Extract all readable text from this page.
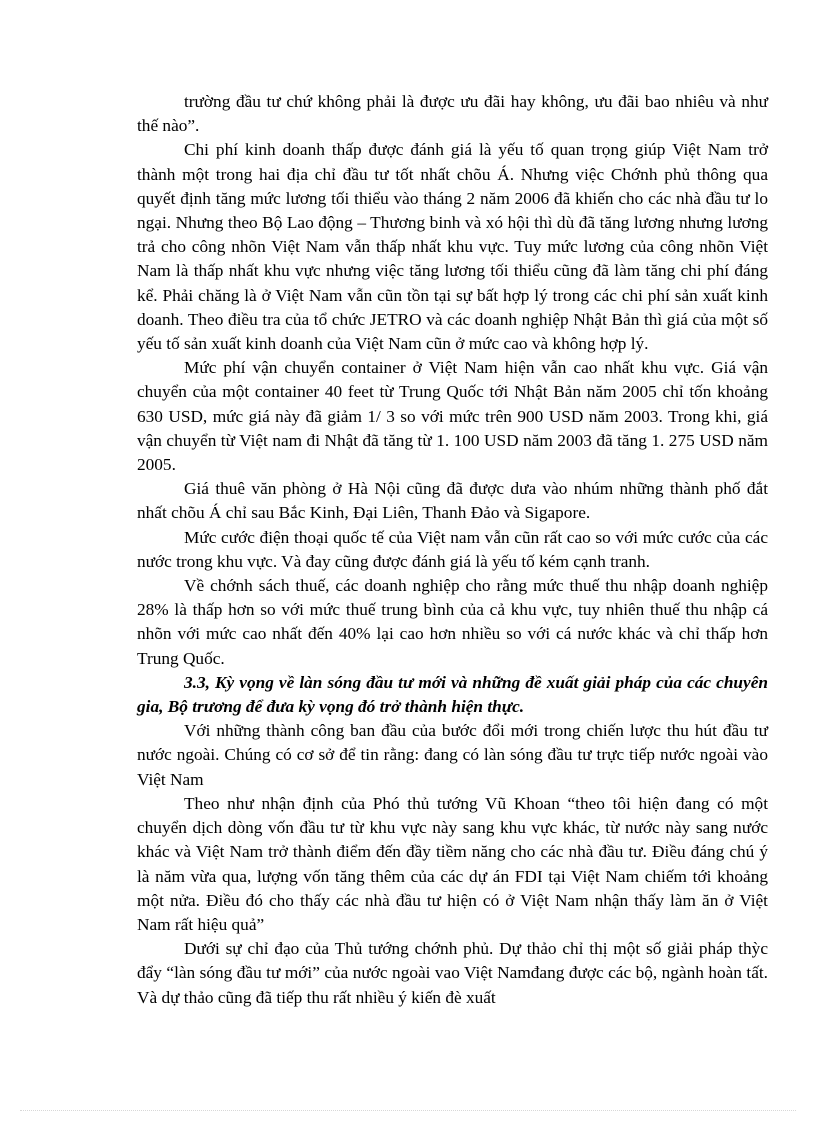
trường đầu tư chứ không phải là được ưu đãi hay không, ưu đãi bao nhiêu và như thế nào”.

Chi phí kinh doanh thấp được đánh giá là yếu tố quan trọng giúp Việt Nam trở thành một trong hai địa chỉ đầu tư tốt nhất chõu Á. Nhưng việc Chớnh phủ thông qua quyết định tăng mức lương tối thiểu vào tháng 2 năm 2006 đã khiến cho các nhà đầu tư lo ngại. Nhưng theo Bộ Lao động – Thương binh và xó hội thì dù đã tăng lương nhưng lương trả cho công nhõn Việt Nam vẫn thấp nhất khu vực. Tuy mức lương của công nhõn Việt Nam là thấp nhất khu vực nhưng việc tăng lương tối thiểu cũng đã làm tăng chi phí đáng kể. Phải chăng là ở Việt Nam vẫn cũn tồn tại sự bất hợp lý trong các chi phí sản xuất kinh doanh. Theo điều tra của tổ chức JETRO và các doanh nghiệp Nhật Bản thì giá của một số yếu tố sản xuất kinh doanh của Việt Nam cũn ở mức cao và không hợp lý.

Mức phí vận chuyển container ở Việt Nam hiện vẫn cao nhất khu vực. Giá vận chuyển của một container 40 feet từ Trung Quốc tới Nhật Bản năm 2005 chỉ tốn khoảng 630 USD, mức giá này đã giảm 1/ 3 so với mức trên 900 USD năm 2003. Trong khi, giá vận chuyển từ Việt nam đi Nhật đã tăng từ 1. 100 USD năm 2003 đã tăng 1. 275 USD năm 2005.

Giá thuê văn phòng ở Hà Nội cũng đã được dưa vào nhúm những thành phố đắt nhất chõu Á chỉ sau Bắc Kinh, Đại Liên, Thanh Đảo và Sigapore.

Mức cước điện thoại quốc tế của Việt nam vẫn cũn rất cao so với mức cước của các nước trong khu vực. Và đay cũng được đánh giá là yếu tố kém cạnh tranh.

Về chớnh sách thuế, các doanh nghiệp cho rằng mức thuế thu nhập doanh nghiệp 28% là thấp hơn so với mức thuế trung bình của cả khu vực, tuy nhiên thuế thu nhập cá nhõn với mức cao nhất đến 40% lại cao hơn nhiều so với cá nước khác và chỉ thấp hơn Trung Quốc.

3.3, Kỳ vọng về làn sóng đầu tư mới và những đề xuất giải pháp của các chuyên gia, Bộ trương để đưa kỳ vọng đó trở thành hiện thực.

Với những thành công ban đầu của bước đổi mới trong chiến lược thu hút đầu tư nước ngoài. Chúng có cơ sở để tin rằng: đang có làn sóng đầu tư trực tiếp nước ngoài vào Việt Nam

Theo như nhận định của Phó thủ tướng Vũ Khoan “theo tôi hiện đang có một chuyển dịch dòng vốn đầu tư từ khu vực này sang khu vực khác, từ nước này sang nước khác và Việt Nam trở thành điểm đến đầy tiềm năng cho các nhà đầu tư. Điều đáng chú ý là năm vừa qua, lượng vốn tăng thêm của các dự án FDI tại Việt Nam chiếm tới khoảng một nửa. Điều đó cho thấy các nhà đầu tư hiện có ở Việt Nam nhận thấy làm ăn ở Việt Nam rất hiệu quả”

Dưới sự chỉ đạo của Thủ tướng chớnh phủ. Dự thảo chỉ thị một số giải pháp thỳc đẩy “làn sóng đầu tư mới” của nước ngoài vao Việt Namđang được các bộ, ngành hoàn tất. Và dự thảo cũng đã tiếp thu rất nhiều ý kiến đè xuất
